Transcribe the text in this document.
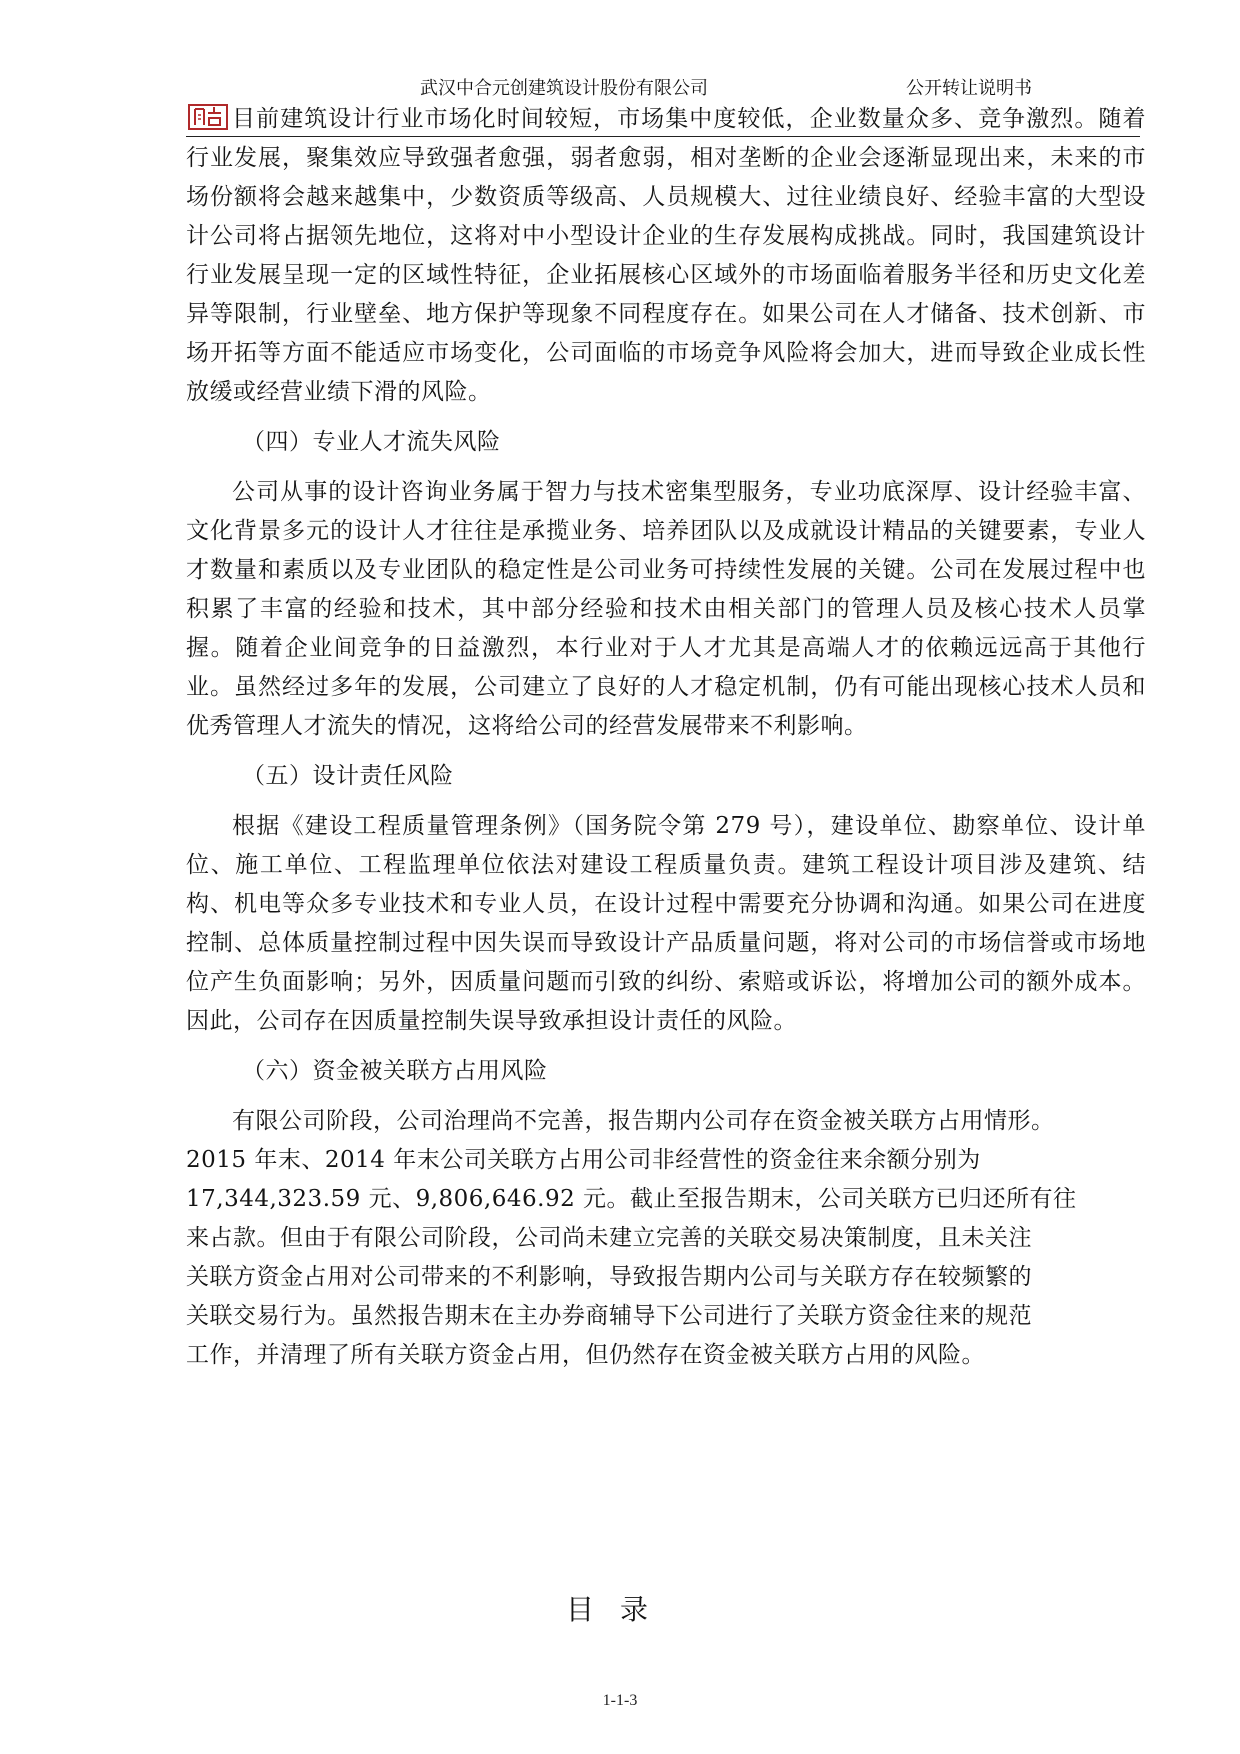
武汉中合元创建筑设计股份有限公司	公开转让说明书

目前建筑设计行业市场化时间较短，市场集中度较低，企业数量众多、竞争激烈。随着行业发展，聚集效应导致强者愈强，弱者愈弱，相对垄断的企业会逐渐显现出来，未来的市场份额将会越来越集中，少数资质等级高、人员规模大、过往业绩良好、经验丰富的大型设计公司将占据领先地位，这将对中小型设计企业的生存发展构成挑战。同时，我国建筑设计行业发展呈现一定的区域性特征，企业拓展核心区域外的市场面临着服务半径和历史文化差异等限制，行业壁垒、地方保护等现象不同程度存在。如果公司在人才储备、技术创新、市场开拓等方面不能适应市场变化，公司面临的市场竞争风险将会加大，进而导致企业成长性放缓或经营业绩下滑的风险。

（四）专业人才流失风险

公司从事的设计咨询业务属于智力与技术密集型服务，专业功底深厚、设计经验丰富、文化背景多元的设计人才往往是承揽业务、培养团队以及成就设计精品的关键要素，专业人才数量和素质以及专业团队的稳定性是公司业务可持续性发展的关键。公司在发展过程中也积累了丰富的经验和技术，其中部分经验和技术由相关部门的管理人员及核心技术人员掌握。随着企业间竞争的日益激烈，本行业对于人才尤其是高端人才的依赖远远高于其他行业。虽然经过多年的发展，公司建立了良好的人才稳定机制，仍有可能出现核心技术人员和优秀管理人才流失的情况，这将给公司的经营发展带来不利影响。

（五）设计责任风险

根据《建设工程质量管理条例》（国务院令第 279 号），建设单位、勘察单位、设计单位、施工单位、工程监理单位依法对建设工程质量负责。建筑工程设计项目涉及建筑、结构、机电等众多专业技术和专业人员，在设计过程中需要充分协调和沟通。如果公司在进度控制、总体质量控制过程中因失误而导致设计产品质量问题，将对公司的市场信誉或市场地位产生负面影响；另外，因质量问题而引致的纠纷、索赔或诉讼，将增加公司的额外成本。因此，公司存在因质量控制失误导致承担设计责任的风险。

（六）资金被关联方占用风险

有限公司阶段，公司治理尚不完善，报告期内公司存在资金被关联方占用情形。
2015 年末、2014 年末公司关联方占用公司非经营性的资金往来余额分别为
17,344,323.59 元、9,806,646.92 元。截止至报告期末，公司关联方已归还所有往
来占款。但由于有限公司阶段，公司尚未建立完善的关联交易决策制度，且未关注
关联方资金占用对公司带来的不利影响，导致报告期内公司与关联方存在较频繁的
关联交易行为。虽然报告期末在主办券商辅导下公司进行了关联方资金往来的规范
工作，并清理了所有关联方资金占用，但仍然存在资金被关联方占用的风险。

目录
1-1-3
